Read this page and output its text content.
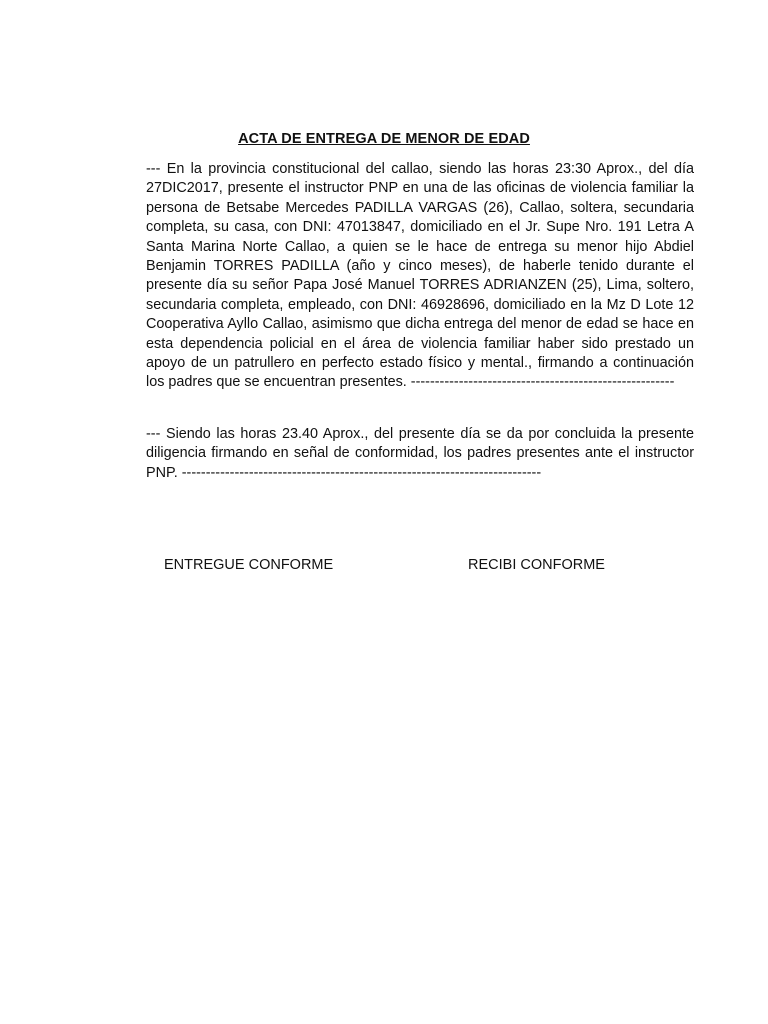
ACTA DE ENTREGA DE MENOR DE EDAD

--- En la provincia constitucional del callao, siendo las horas 23:30 Aprox., del día 27DIC2017, presente el instructor PNP en una de las oficinas de violencia familiar la persona de Betsabe Mercedes PADILLA VARGAS (26), Callao, soltera, secundaria completa, su casa, con DNI: 47013847, domiciliado en el Jr. Supe Nro. 191 Letra A Santa Marina Norte Callao, a quien se le hace de entrega su menor hijo Abdiel Benjamin TORRES PADILLA (año y cinco meses), de haberle tenido durante el presente día su señor Papa José Manuel TORRES ADRIANZEN (25), Lima, soltero, secundaria completa, empleado, con DNI: 46928696, domiciliado en la Mz D Lote 12 Cooperativa Ayllo Callao, asimismo que dicha entrega del menor de edad se hace en esta dependencia policial en el área de violencia familiar haber sido prestado un apoyo de un patrullero en perfecto estado físico y mental., firmando a continuación los padres que se encuentran presentes. -------------------------------------------------------

--- Siendo las horas 23.40 Aprox., del presente día se da por concluida la presente diligencia firmando en señal de conformidad, los padres presentes ante el instructor PNP. ---------------------------------------------------------------------------

ENTREGUE CONFORME	RECIBI CONFORME
